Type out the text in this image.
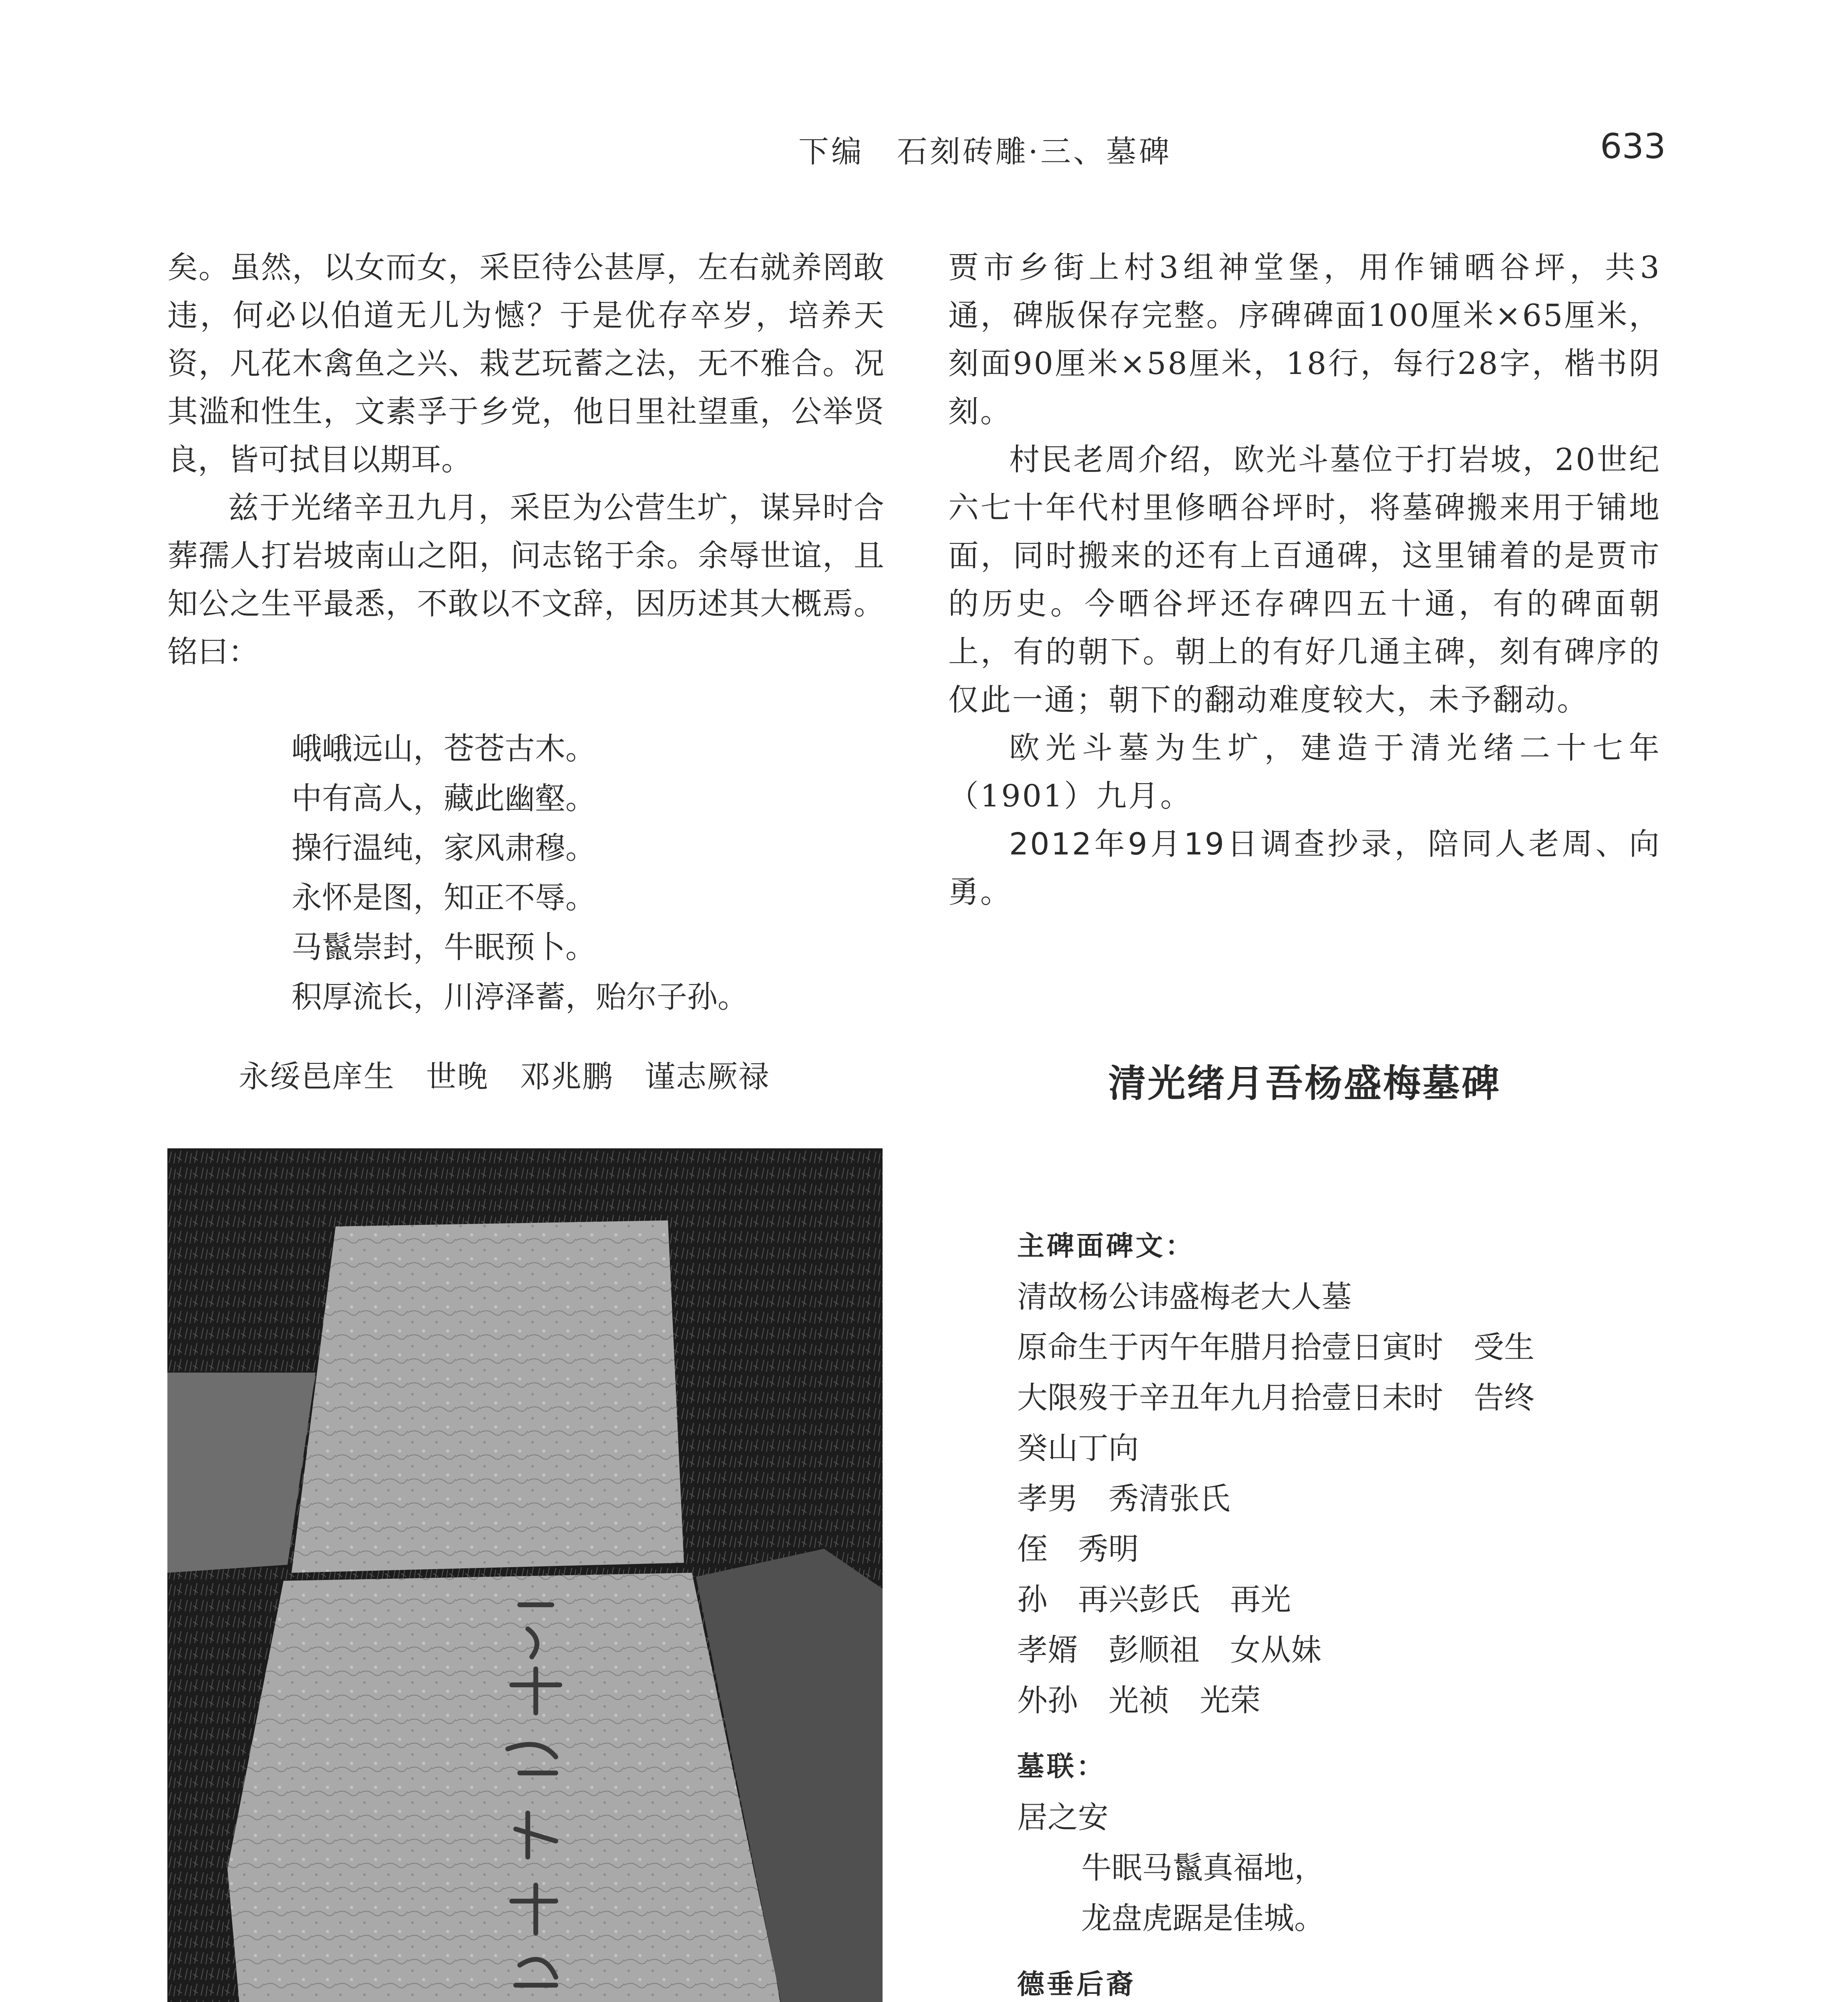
下编　石刻砖雕·三、墓碑	633

矣。虽然，以女而女，采臣待公甚厚，左右就养罔敢违，何必以伯道无儿为憾？于是优存卒岁，培养天资，凡花木禽鱼之兴、栽艺玩蓄之法，无不雅合。况其滥和性生，文素孚于乡党，他日里社望重，公举贤良，皆可拭目以期耳。

兹于光绪辛丑九月，采臣为公营生圹，谋异时合葬孺人打岩坡南山之阳，问志铭于余。余辱世谊，且知公之生平最悉，不敢以不文辞，因历述其大概焉。铭曰：

峨峨远山，苍苍古木。
中有高人，藏此幽壑。
操行温纯，家风肃穆。
永怀是图，知正不辱。
马鬣崇封，牛眠预卜。
积厚流长，川渟泽蓄，贻尔子孙。
永绥邑庠生　世晚　邓兆鹏　谨志厥禄

贾市乡街上村3组神堂堡，用作铺晒谷坪，共3通，碑版保存完整。序碑碑面100厘米×65厘米，刻面90厘米×58厘米，18行，每行28字，楷书阴刻。

村民老周介绍，欧光斗墓位于打岩坡，20世纪六七十年代村里修晒谷坪时，将墓碑搬来用于铺地面，同时搬来的还有上百通碑，这里铺着的是贾市的历史。今晒谷坪还存碑四五十通，有的碑面朝上，有的朝下。朝上的有好几通主碑，刻有碑序的仅此一通；朝下的翻动难度较大，未予翻动。

欧光斗墓为生圹，建造于清光绪二十七年（1901）九月。

2012年9月19日调查抄录，陪同人老周、向勇。

清光绪月吾杨盛梅墓碑
主碑面碑文：
清故杨公讳盛梅老大人墓
原命生于丙午年腊月拾壹日寅时　受生
大限歿于辛丑年九月拾壹日未时　告终
癸山丁向
孝男　秀清张氏
侄　秀明
孙　再兴彭氏　再光
孝婿　彭顺祖　女从妹
外孙　光祯　光荣
墓联：
居之安
牛眠马鬣真福地，
龙盘虎踞是佳城。
德垂后裔
